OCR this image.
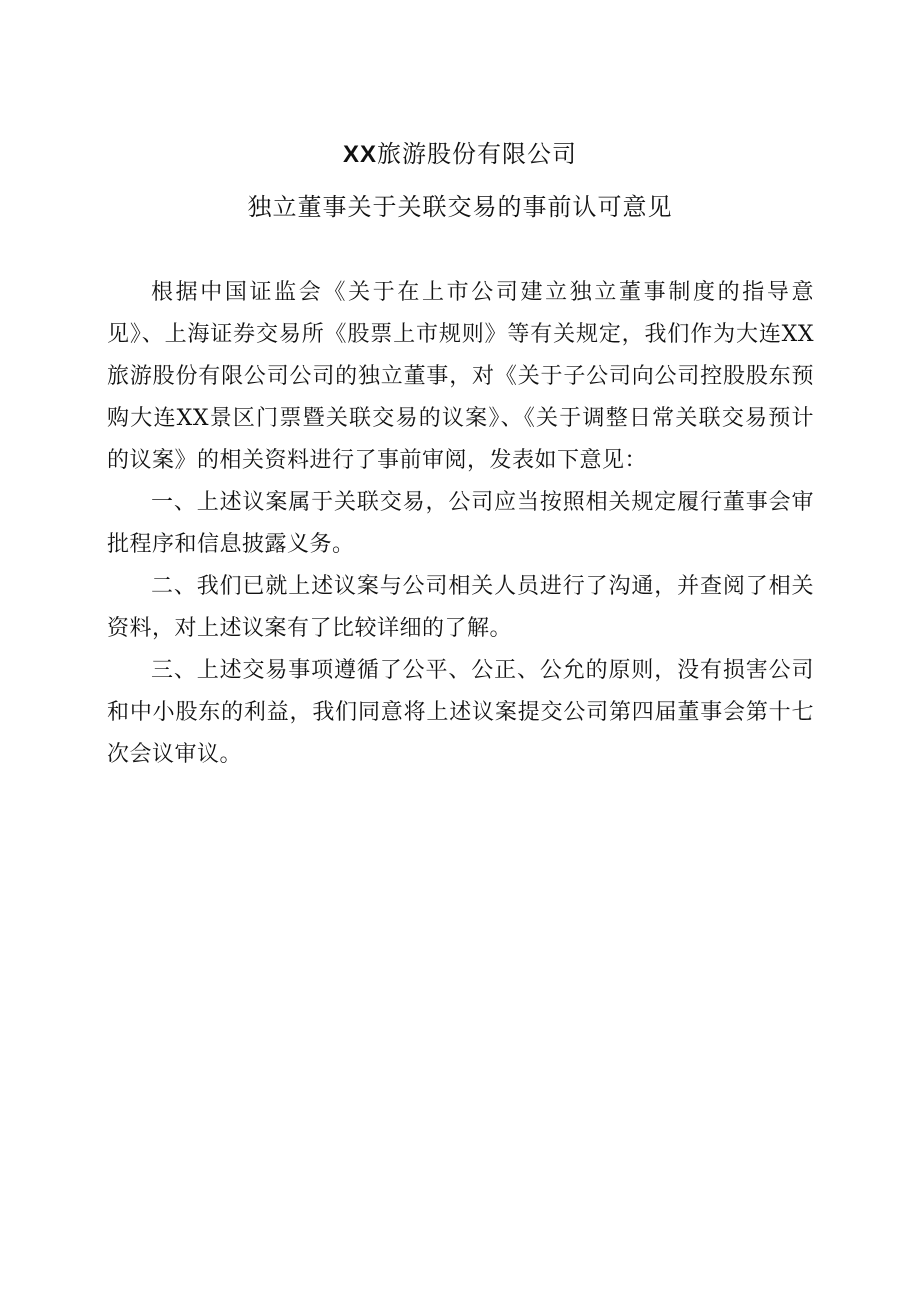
XX旅游股份有限公司
独立董事关于关联交易的事前认可意见

根据中国证监会《关于在上市公司建立独立董事制度的指导意见》、上海证券交易所《股票上市规则》等有关规定，我们作为大连XX旅游股份有限公司公司的独立董事，对《关于子公司向公司控股股东预购大连XX景区门票暨关联交易的议案》、《关于调整日常关联交易预计的议案》的相关资料进行了事前审阅，发表如下意见：

一、上述议案属于关联交易，公司应当按照相关规定履行董事会审批程序和信息披露义务。

二、我们已就上述议案与公司相关人员进行了沟通，并查阅了相关资料，对上述议案有了比较详细的了解。

三、上述交易事项遵循了公平、公正、公允的原则，没有损害公司和中小股东的利益，我们同意将上述议案提交公司第四届董事会第十七次会议审议。
